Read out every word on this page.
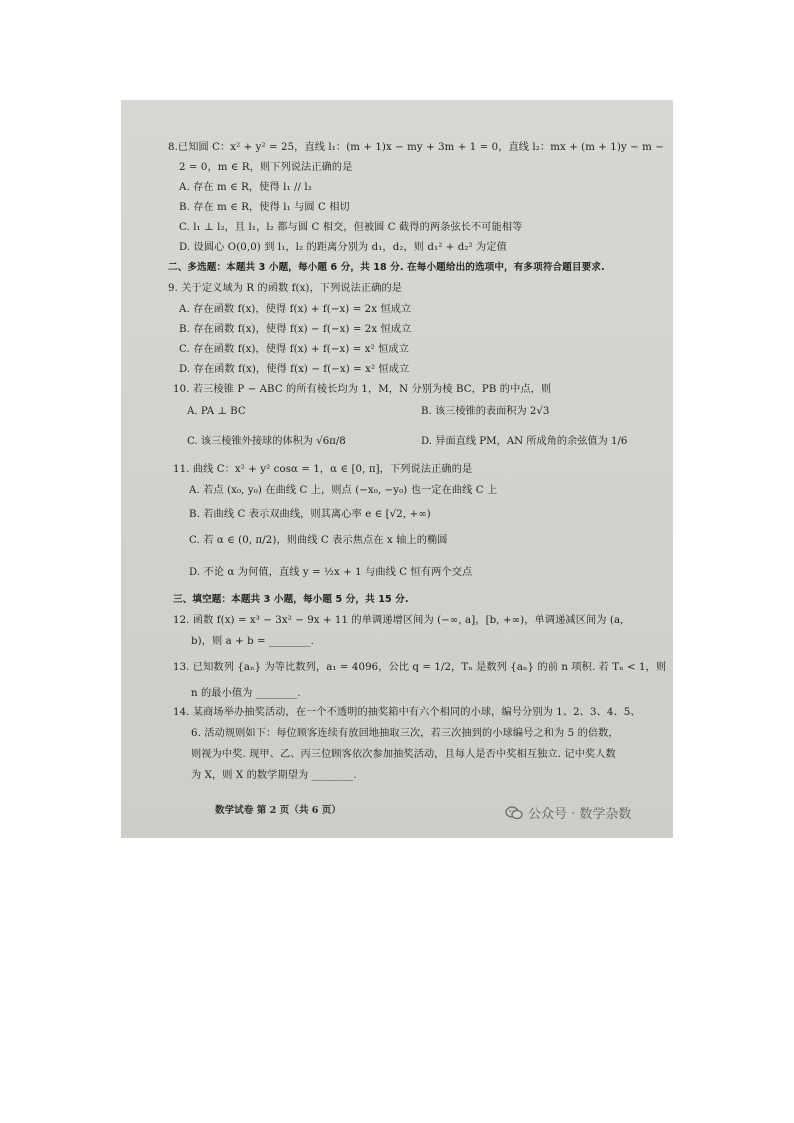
8.已知圆 C：x² + y² = 25，直线 l₁：(m + 1)x − my + 3m + 1 = 0，直线 l₂：mx + (m + 1)y − m −
2 = 0，m ∈ R，则下列说法正确的是
A. 存在 m ∈ R，使得 l₁ // l₂
B. 存在 m ∈ R，使得 l₁ 与圆 C 相切
C. l₁ ⊥ l₂，且 l₁，l₂ 都与圆 C 相交，但被圆 C 截得的两条弦长不可能相等
D. 设圆心 O(0,0) 到 l₁，l₂ 的距离分别为 d₁，d₂，则 d₁² + d₂² 为定值
二、多选题：本题共 3 小题，每小题 6 分，共 18 分. 在每小题给出的选项中，有多项符合题目要求.
9. 关于定义域为 R 的函数 f(x)，下列说法正确的是
A. 存在函数 f(x)，使得 f(x) + f(−x) = 2x 恒成立
B. 存在函数 f(x)，使得 f(x) − f(−x) = 2x 恒成立
C. 存在函数 f(x)，使得 f(x) + f(−x) = x² 恒成立
D. 存在函数 f(x)，使得 f(x) − f(−x) = x² 恒成立
10. 若三棱锥 P − ABC 的所有棱长均为 1，M，N 分别为棱 BC，PB 的中点，则
A. PA ⊥ BC	B. 该三棱锥的表面积为 2√3
C. 该三棱锥外接球的体积为 √6π/8	D. 异面直线 PM，AN 所成角的余弦值为 1/6
11. 曲线 C：x² + y² cosα = 1，α ∈ [0, π]，下列说法正确的是
A. 若点 (x₀, y₀) 在曲线 C 上，则点 (−x₀, −y₀) 也一定在曲线 C 上
B. 若曲线 C 表示双曲线，则其离心率 e ∈ [√2, +∞)
C. 若 α ∈ (0, π/2)，则曲线 C 表示焦点在 x 轴上的椭圆
D. 不论 α 为何值，直线 y = ½x + 1 与曲线 C 恒有两个交点
三、填空题：本题共 3 小题，每小题 5 分，共 15 分.
12. 函数 f(x) = x³ − 3x² − 9x + 11 的单调递增区间为 (−∞, a]，[b, +∞)，单调递减区间为 (a,
b)，则 a + b = ________.
13. 已知数列 {aₙ} 为等比数列，a₁ = 4096，公比 q = 1/2，Tₙ 是数列 {aₙ} 的前 n 项积. 若 Tₙ < 1，则
n 的最小值为 ________.
14. 某商场举办抽奖活动，在一个不透明的抽奖箱中有六个相同的小球，编号分别为 1、2、3、4、5、
6. 活动规则如下：每位顾客连续有放回地抽取三次，若三次抽到的小球编号之和为 5 的倍数，
则视为中奖. 现甲、乙、丙三位顾客依次参加抽奖活动，且每人是否中奖相互独立. 记中奖人数
为 X，则 X 的数学期望为 ________.
数学试卷 第 2 页（共 6 页）	公众号 · 数学杂数
